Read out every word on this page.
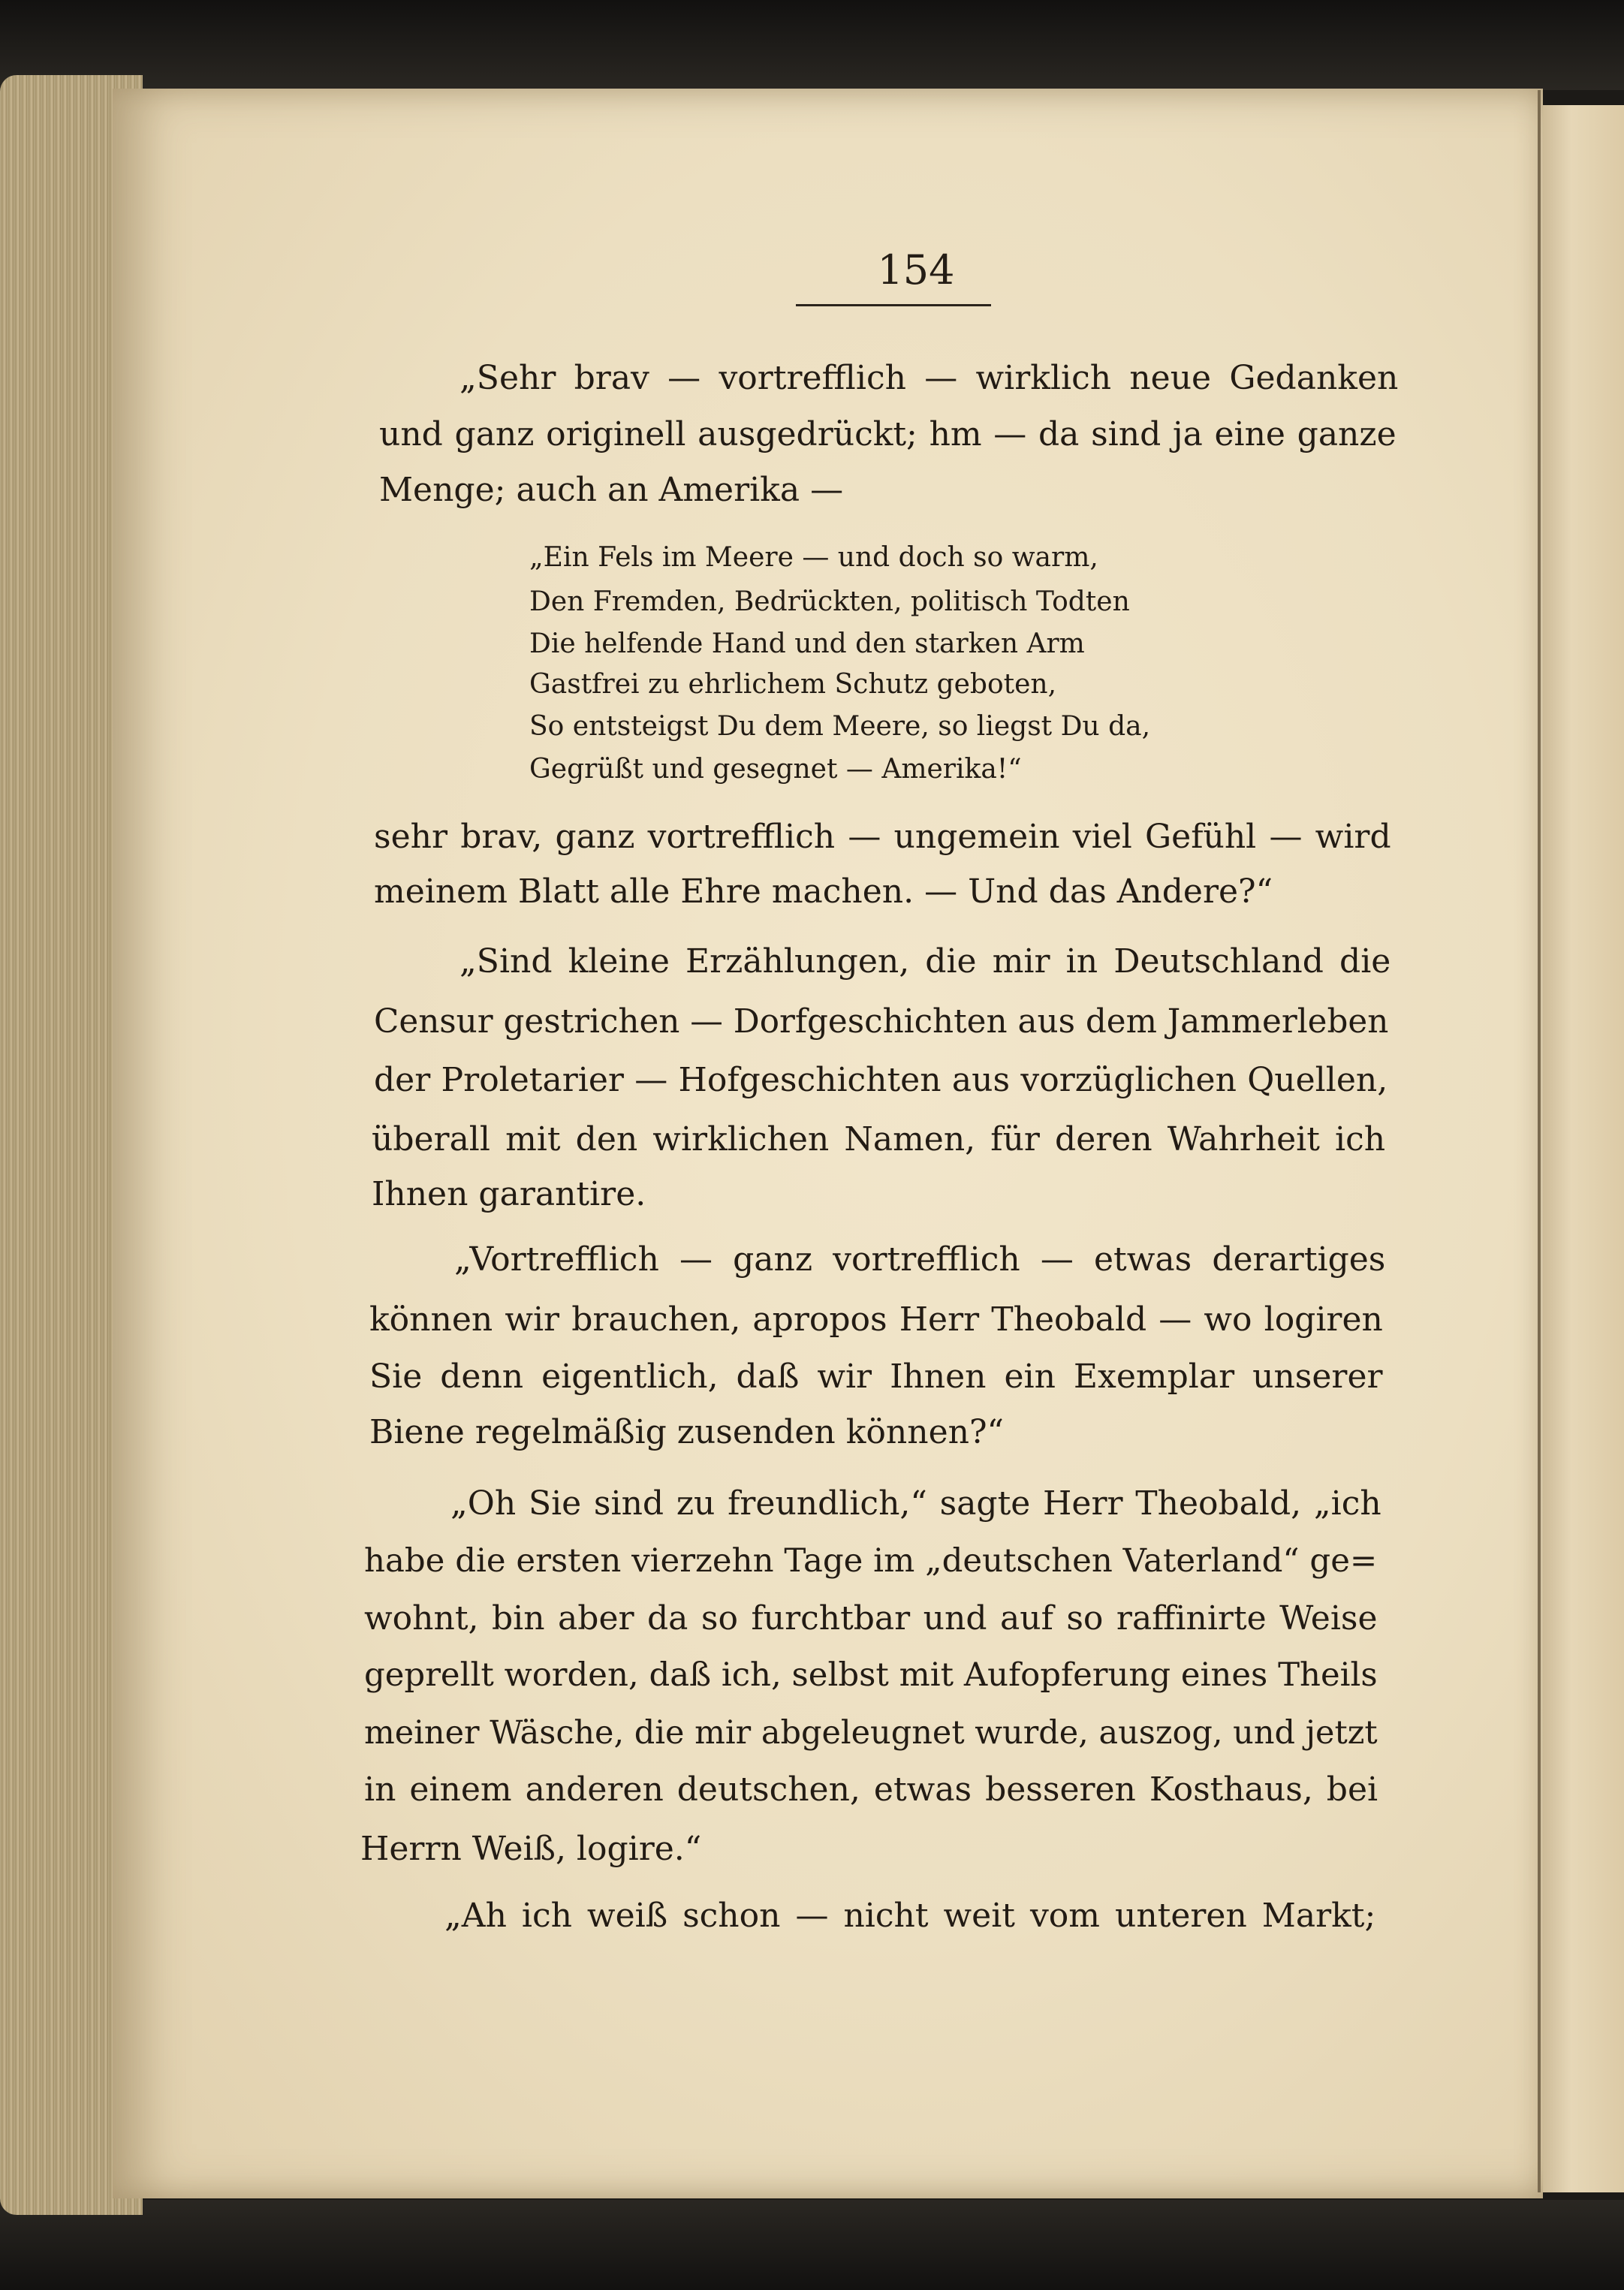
154
„Sehr brav — vortrefflich — wirklich neue Gedanken
und ganz originell ausgedrückt; hm — da sind ja eine ganze
Menge; auch an Amerika —
„Ein Fels im Meere — und doch so warm,
Den Fremden, Bedrückten, politisch Todten
Die helfende Hand und den starken Arm
Gastfrei zu ehrlichem Schutz geboten,
So entsteigst Du dem Meere, so liegst Du da,
Gegrüßt und gesegnet — Amerika!“
sehr brav, ganz vortrefflich — ungemein viel Gefühl — wird
meinem Blatt alle Ehre machen. — Und das Andere?“
„Sind kleine Erzählungen, die mir in Deutschland die
Censur gestrichen — Dorfgeschichten aus dem Jammerleben
der Proletarier — Hofgeschichten aus vorzüglichen Quellen,
überall mit den wirklichen Namen, für deren Wahrheit ich
Ihnen garantire.
„Vortrefflich — ganz vortrefflich — etwas derartiges
können wir brauchen, apropos Herr Theobald — wo logiren
Sie denn eigentlich, daß wir Ihnen ein Exemplar unserer
Biene regelmäßig zusenden können?“
„Oh Sie sind zu freundlich,“ sagte Herr Theobald, „ich
habe die ersten vierzehn Tage im „deutschen Vaterland“ ge=
wohnt, bin aber da so furchtbar und auf so raffinirte Weise
geprellt worden, daß ich, selbst mit Aufopferung eines Theils
meiner Wäsche, die mir abgeleugnet wurde, auszog, und jetzt
in einem anderen deutschen, etwas besseren Kosthaus, bei
Herrn Weiß, logire.“
„Ah ich weiß schon — nicht weit vom unteren Markt;
